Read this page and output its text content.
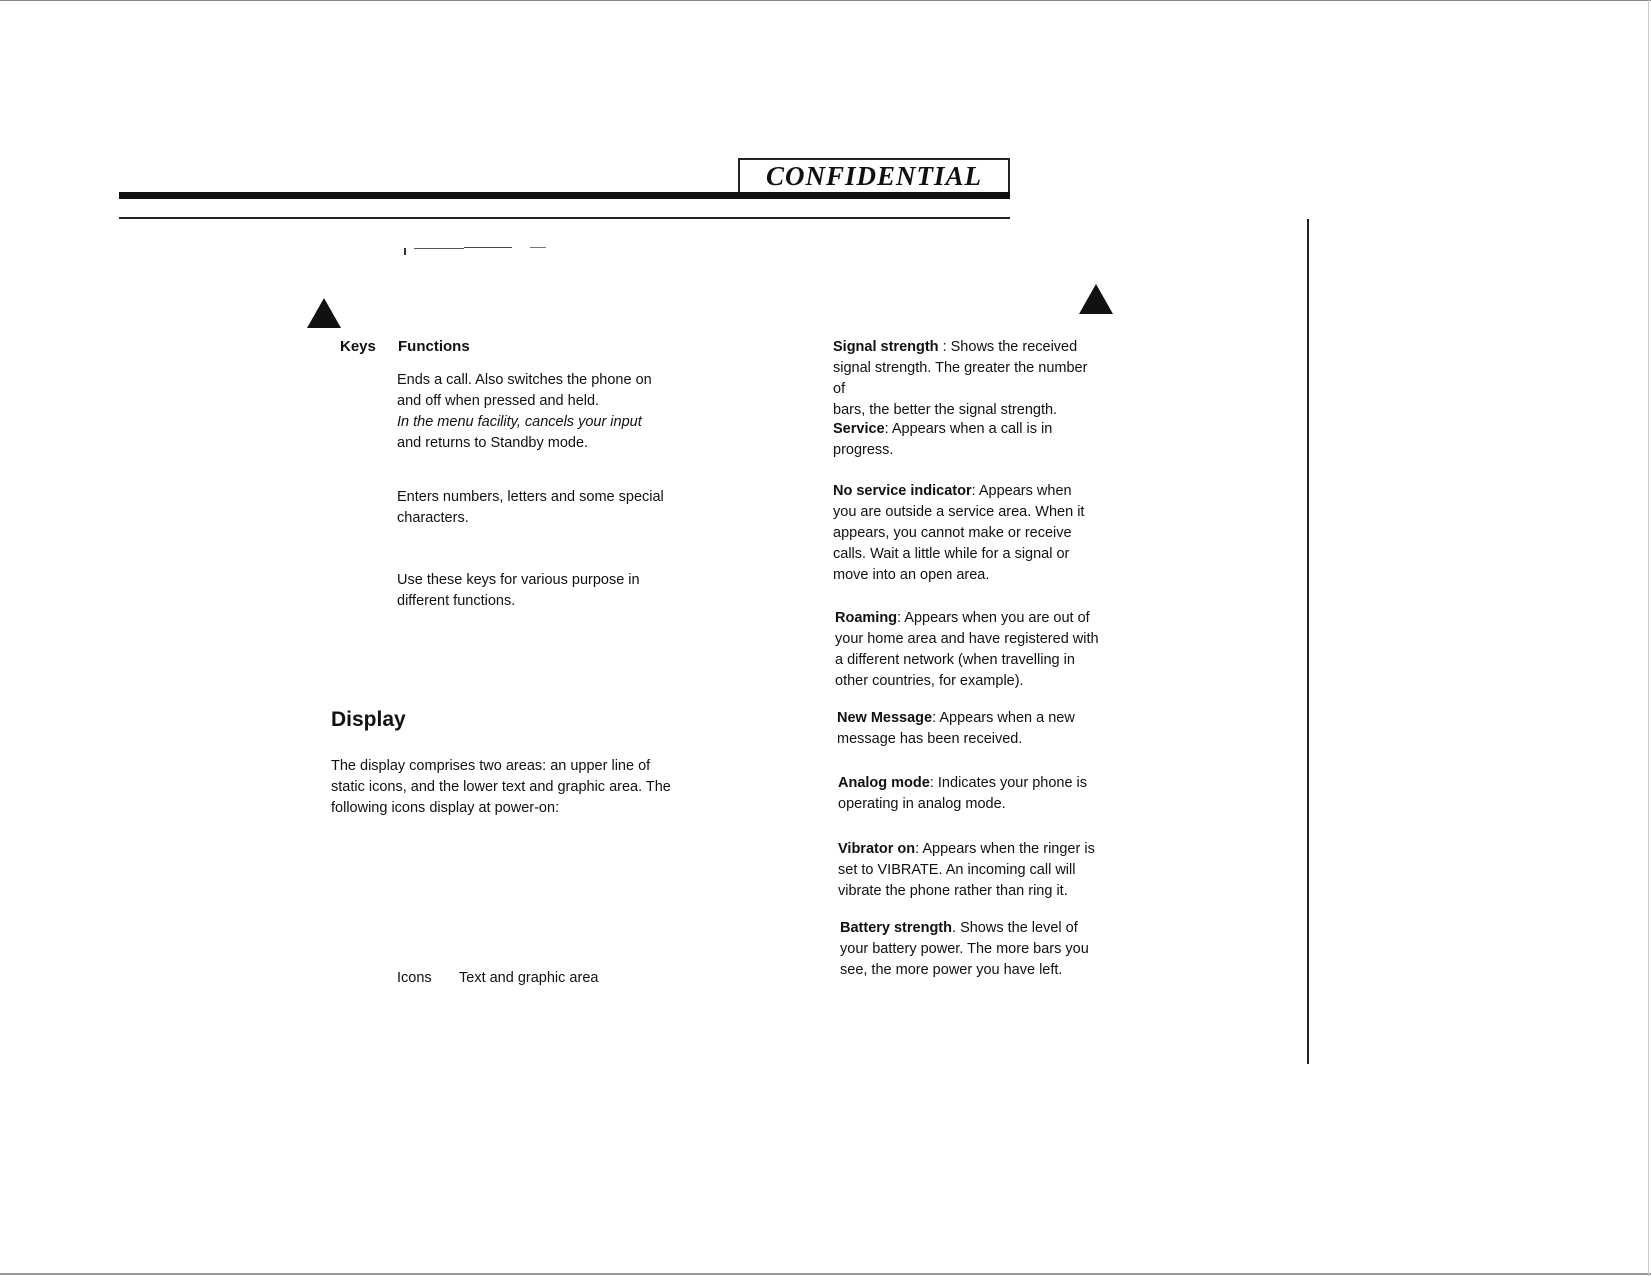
CONFIDENTIAL
Keys Functions

Ends a call. Also switches the phone on

and off when pressed and held.

In the menu facility, cancels your input

and returns to Standby mode.

Enters numbers, letters and some special

characters.

Use these keys for various purpose in

different functions.

Display
The display comprises two areas: an upper line of
static icons, and the lower text and graphic area. The
following icons display at power-on:
Icons Text and graphic area
Signal strength : Shows the received
signal strength. The greater the number of
bars, the better the signal strength.
Service: Appears when a call is in
progress.
No service indicator: Appears when
you are outside a service area. When it
appears, you cannot make or receive
calls. Wait a little while for a signal or
move into an open area.
Roaming: Appears when you are out of
your home area and have registered with
a different network (when travelling in
other countries, for example).
New Message: Appears when a new
message has been received.
Analog mode: Indicates your phone is
operating in analog mode.
Vibrator on: Appears when the ringer is
set to VIBRATE. An incoming call will
vibrate the phone rather than ring it.
Battery strength. Shows the level of
your battery power. The more bars you
see, the more power you have left.
